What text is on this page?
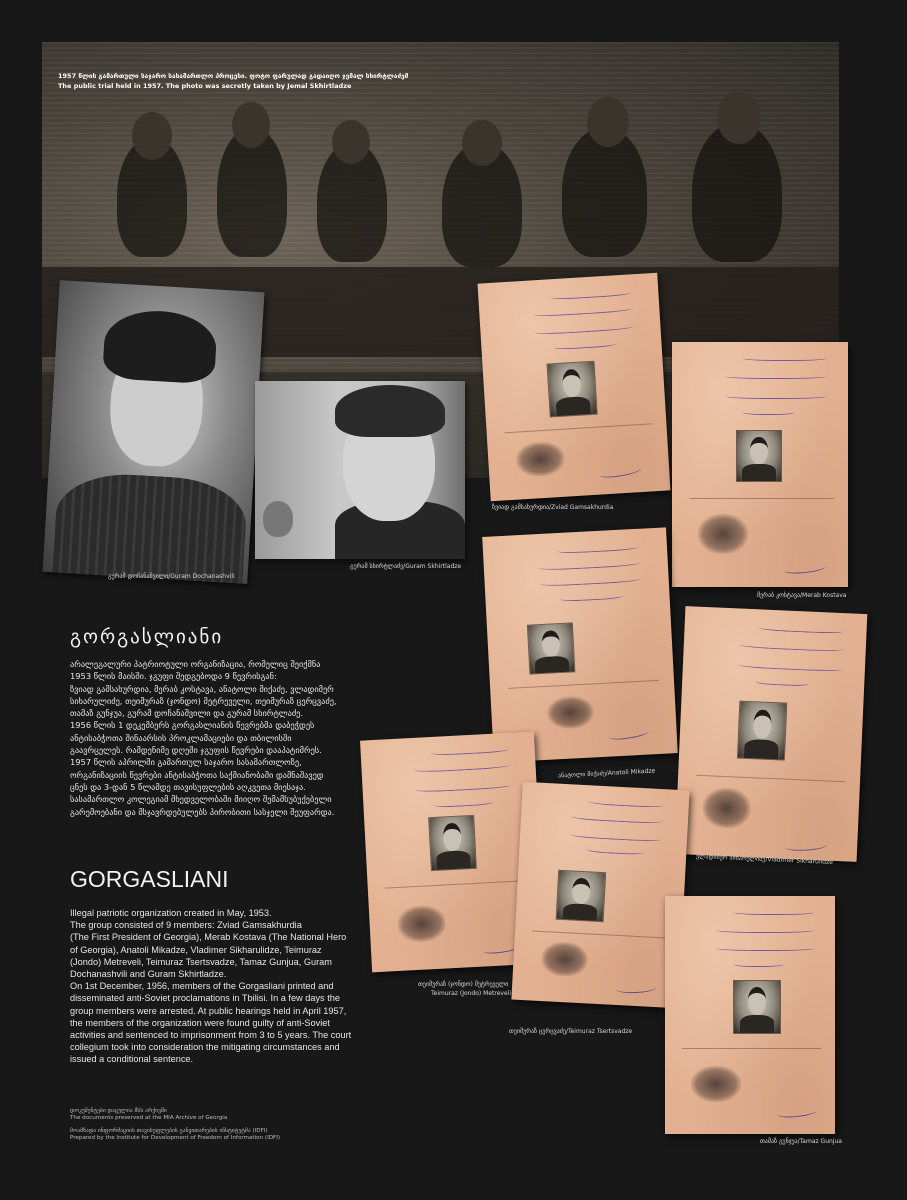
1957 წლის გამართული საჯარო სასამართლო პროცესი. ფოტო ფარულად გადაიღო ჯემალ სხირტლაძემ
The public trial held in 1957. The photo was secretly taken by Jemal Skhirtladze
გურამ დოჩანაშვილი/Guram Dochanashvili
გურამ სხირტლაძე/Guram Skhirtladze
ზვიად გამსახურდია/Zviad Gamsakhurdia
მერაბ კოსტავა/Merab Kostava
ანატოლი მიქაძე/Anatoli Mikadze
ვლადიმერ სიხარულიძე/Vladimer Sikharulidze
თეიმურაზ (ჯონდო) მეტრეველი
Teimuraz (Jondo) Metreveli
თეიმურაზ ცერცვაძე/Teimuraz Tsertsvadze
თამაზ გუნჯუა/Tamaz Gunjua
გორგასლიანი

არალეგალური პატრიოტული ორგანიზაცია, რომელიც შეიქმნა
1953 წლის მაისში. ჯგუფი შედგებოდა 9 წევრისგან:
ზვიად გამსახურდია, მერაბ კოსტავა, ანატოლი მიქაძე, ვლადიმერ
სიხარულიძე, თეიმურაზ (ჯონდო) მეტრეველი, თეიმურაზ ცერცვაძე,
თამაზ გუნჯუა, გურამ დოჩანაშვილი და გურამ სხირტლაძე.
1956 წლის 1 დეკემბერს გორგასლიანის წევრებმა დაბეჭდეს
ანტისაბჭოთა შინაარსის პროკლამაციები და თბილისში
გაავრცელეს. რამდენიმე დღეში ჯგუფის წევრები დააპატიმრეს.
1957 წლის აპრილში გამართულ საჯარო სასამართლოზე,
ორგანიზაციის წევრები ანტისაბჭოთა საქმიანობაში დამნაშავედ
ცნეს და 3-დან 5 წლამდე თავისუფლების აღკვეთა მიესაჯა.
სასამართლო კოლეგიამ მხედველობაში მიიღო შემამსუბუქებელი
გარემოებანი და მსჯავრდებულებს პირობითი სასჯელი შეუფარდა.

GORGASLIANI

Illegal patriotic organization created in May, 1953.
The group consisted of 9 members: Zviad Gamsakhurdia
(The First President of Georgia), Merab Kostava (The National Hero
of Georgia), Anatoli Mikadze, Vladimer Sikharulidze, Teimuraz
(Jondo) Metreveli, Teimuraz Tsertsvadze, Tamaz Gunjua, Guram
Dochanashvili and Guram Skhirtladze.
On 1st December, 1956, members of the Gorgasliani printed and
disseminated anti-Soviet proclamations in Tbilisi. In a few days the
group members were arrested. At public hearings held in April 1957,
the members of the organization were found guilty of anti-Soviet
activities and sentenced to imprisonment from 3 to 5 years. The court
collegium took into consideration the mitigating circumstances and
issued a conditional sentence.

დოკუმენტები დაცულია შსს არქივში
The documents preserved at the MIA Archive of Georgia
მოამზადა ინფორმაციის თავისუფლების განვითარების ინსტიტუტმა (IDFI)
Prepared by the Institute for Development of Freedom of Information (IDFI)
